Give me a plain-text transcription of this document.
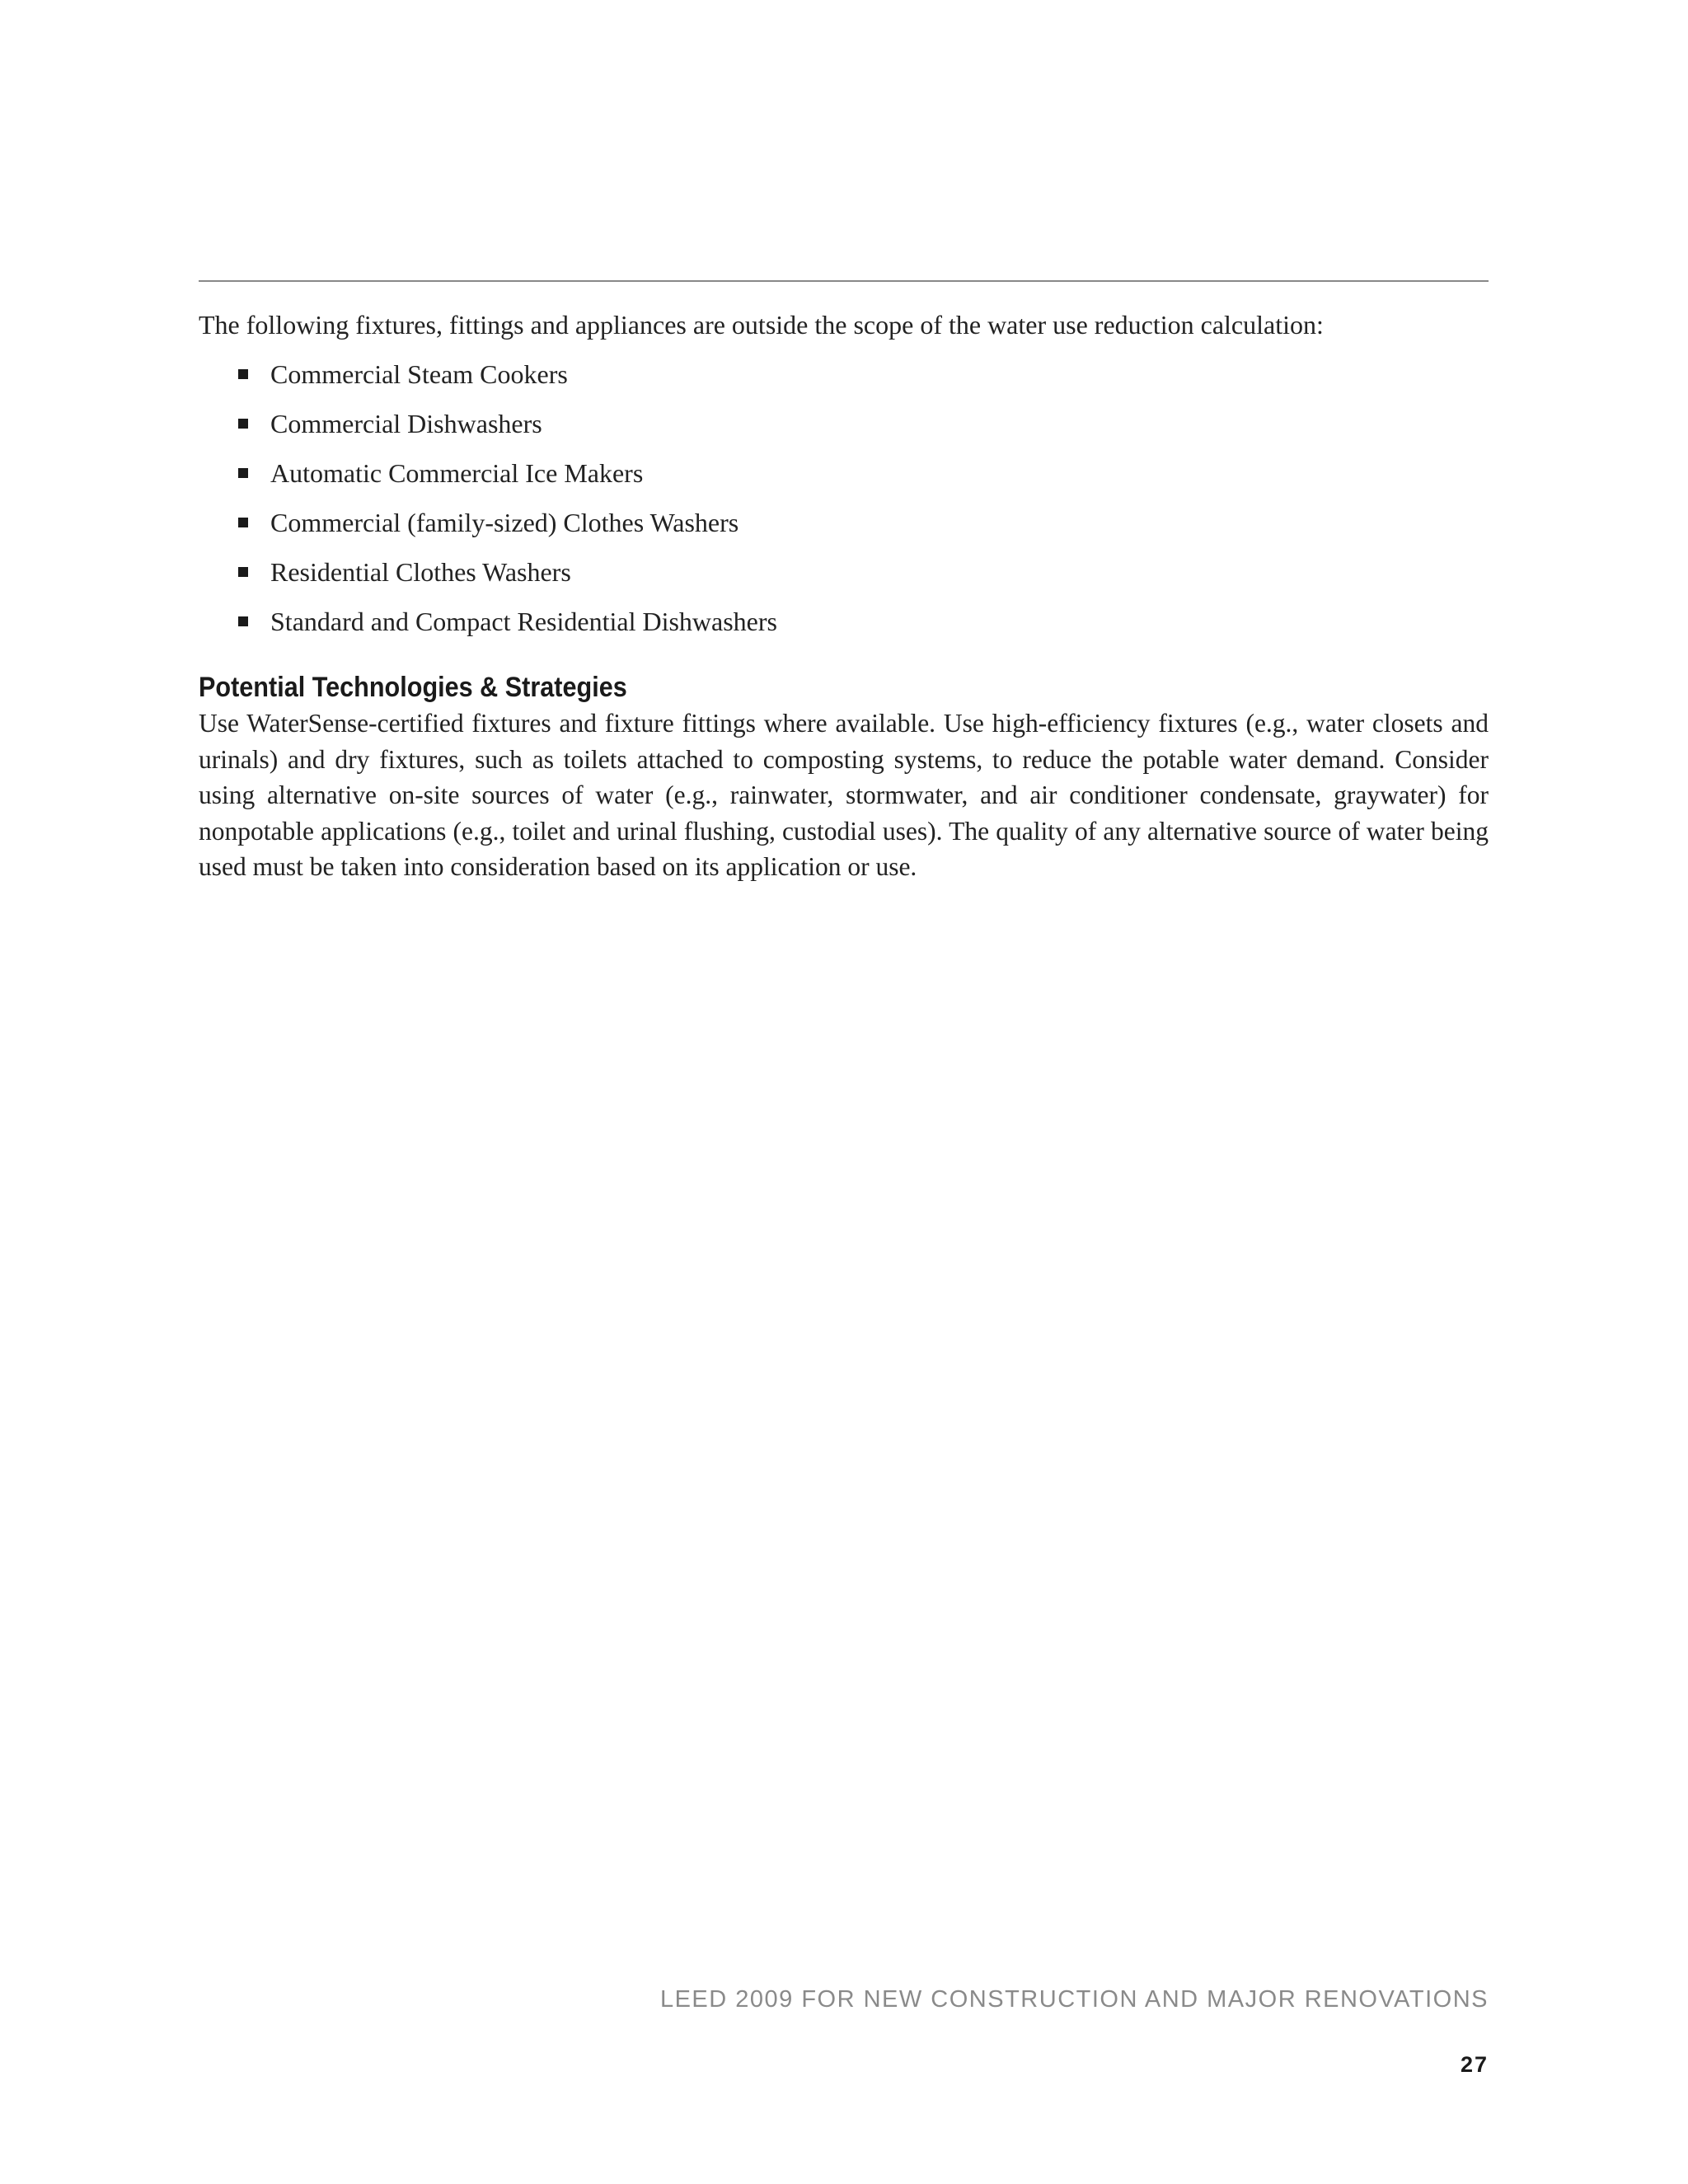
The following fixtures, fittings and appliances are outside the scope of the water use reduction calculation:

Commercial Steam Cookers
Commercial Dishwashers
Automatic Commercial Ice Makers
Commercial (family-sized) Clothes Washers
Residential Clothes Washers
Standard and Compact Residential Dishwashers
Potential Technologies & Strategies

Use WaterSense-certified fixtures and fixture fittings where available. Use high-efficiency fixtures (e.g., water closets and urinals) and dry fixtures, such as toilets attached to composting systems, to reduce the potable water demand. Consider using alternative on-site sources of water (e.g., rainwater, stormwater, and air conditioner condensate, graywater) for nonpotable applications (e.g., toilet and urinal flushing, custodial uses). The quality of any alternative source of water being used must be taken into consideration based on its application or use.

LEED 2009 FOR NEW CONSTRUCTION AND MAJOR RENOVATIONS
27
